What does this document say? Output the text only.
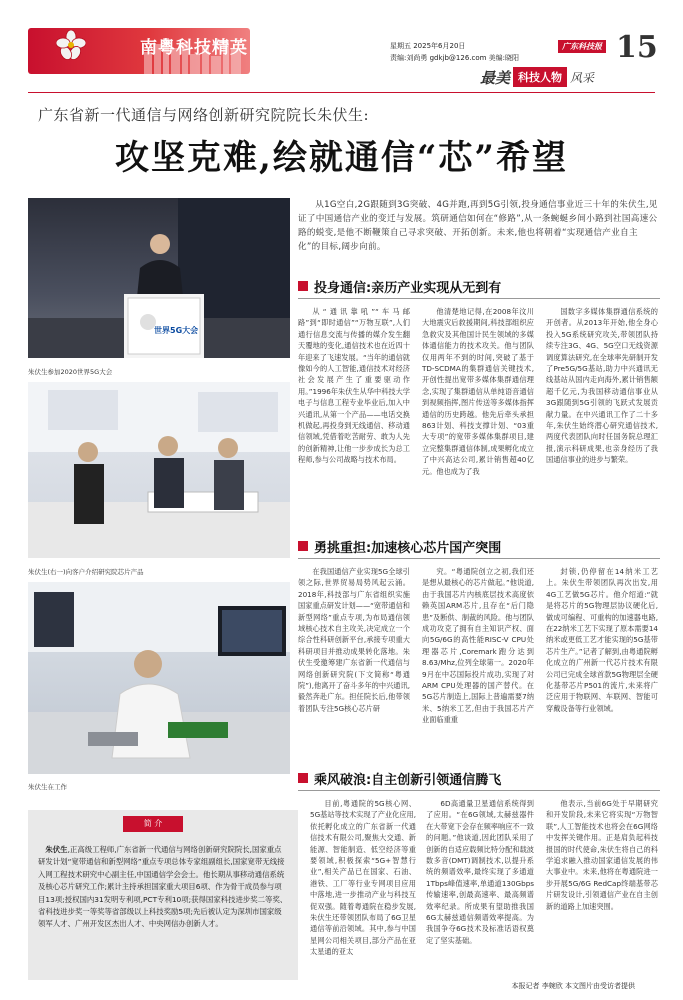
南粤科技精英	星期五 2025年6月20日
责编:刘尚勇 gdkjb@126.com 美编:晓阳
广东科技报 15
最美 科技人物 风采
广东省新一代通信与网络创新研究院院长朱伏生:
攻坚克难,绘就通信“芯”希望
从1G空白,2G跟随到3G突破、4G并跑,再到5G引领,投身通信事业近三十年的朱伏生,见证了中国通信产业的变迁与发展。筑研通信如何在“修路”,从一条蜿蜒乡间小路到社国高速公路的蜕变,是他不断鞭策自己寻求突破、开拓创新。未来,他也将朝着“实现通信产业自主化”的目标,阔步向前。
世界5G大会
朱伏生参加2020世界5G大会
朱伏生(右一)向客户介绍研究院芯片产品
朱伏生在工作
投身通信:亲历产业实现从无到有

从“通讯靠吼”“车马邮路”到“即时通信”“万物互联”,人们通行信息交流与传播的媒介发生翻天覆地的变化,通信技术也在近四十年迎来了飞速发展。“当年的通信就像如今的人工智能,通信技术对经济社会发展产生了重要驱动作用。”1996年朱伏生从华中科技大学电子与信息工程专业毕业后,加入中兴通讯,从第一个产品——电话交换机做起,再投身到无线通信、移动通信领域,凭借着吃苦耐劳、敢为人先的创新精神,让他一步步成长为总工程师,参与公司战略与技术布局。

他清楚地记得,在2008年汶川大地震灾后救援期间,科技部组织应急救灾及其他国计民生领域的多媒体通信能力的技术攻关。他与团队仅用两年不到的时间,突破了基于TD-SCDMA的集群通信关键技术,开创性提出宽带多媒体集群通信理念,实现了集群通信从单纯语音通信到视频指挥,图片传送等多媒体指挥通信的历史跨越。他先后牵头承担863计划、科技支撑计划、“03重大专项”的宽带多媒体集群项目,建立完整集群通信体制,成果孵化成立了中兴高达公司,累计销售超40亿元。他也成为了我

国数字多媒体集群通信系统的开创者。从2013年开始,他全身心投入5G系统研究攻关,带领团队持续专注3G、4G、5G空口无线资源调度算法研究,在全球率先研制开发了Pre5G/5G基站,助力中兴通讯无线基站从国内走向海外,累计销售额超千亿元,为我国移动通信事业从3G跟随到5G引领的飞跃式发展贡献力量。在中兴通讯工作了二十多年,朱伏生始终潜心研究通信技术,两度代表团队向时任国务院总理汇报,演示科研成果,也亲身经历了我国通信事业的进步与繁荣。

勇挑重担:加速核心芯片国产突围

在我国通信产业实现5G全球引领之际,世界贸易局势风起云涌。2018年,科技部与广东省组织实施国家重点研发计划——“宽带通信和新型网络”重点专项,为布局通信领域核心技术自主攻关,决定成立一个综合性科研创新平台,承接专项重大科研项目并推动成果转化落地。朱伏生受邀筹建广东省新一代通信与网络创新研究院(下文简称“粤通院”),他离开了奋斗多年的中兴通讯,毅然奔赴广东。担任院长后,他带领着团队专注5G核心芯片研

究。“粤通院创立之初,我们还是想从最核心的芯片做起。”他说道,由于我国芯片内核底层技术高度依赖英国ARM芯片,且存在“后门隐患”及断供、制裁的风险。他与团队成功攻克了拥有自主知识产权、面向5G/6G的高性能RISC-V CPU处理器芯片,Coremark跑分达到8.63/Mhz,位列全球第一。2020年9月在中芯国际投片成功,实现了对ARM CPU处理器的国产替代。在5G芯片制造上,国际上普遍需要7纳米、5纳米工艺,但由于我国芯片产业面临重重

封锁,仍停留在14纳米工艺上。朱伏生带领团队再次出发,用4G工艺做5G芯片。他介绍道:“就是将芯片的5G物理层协议硬化后,做成可编程、可重构的加速器电路,在22纳米工艺下实现了原本需要14纳米或更低工艺才能实现的5G基带芯片生产。”记者了解到,由粤通院孵化成立的广州新一代芯片技术有限公司已完成全球首款5G物理层全硬化基带芯片P501的流片,未来将广泛应用于物联网、车联网、智能可穿戴设备等行业领域。

乘风破浪:自主创新引领通信腾飞

目前,粤通院的5G核心网、5G基站等技术实现了产业化应用,依托孵化成立的广东省新一代通信技术有限公司,聚焦大交通、新能源、智能制造、低空经济等重要领域,积极探索“5G+智慧行业”,相关产品已在国家、石油、港铁、工厂等行业专网项目应用中落地,进一步推动产业与科技互促双强。随着粤通院在稳步发展,朱伏生还带领团队布局了6G卫星通信等前沿领域。其中,参与中国星网公司相关项目,部分产品在亚太星通的亚太

6D高通量卫星通信系统得到了应用。“在6G领域,太赫兹器件在大带宽下会存在频率响应不一致的问题。”他谈道,因此团队采用了创新的自适应载频比特分配和载波数多音(DMT)调制技术,以提升系统的频谱效率,最终实现了多通道1Tbps峰值速率,单通道130Gbps传输速率,创最高速率、最高频谱效率纪录。所成果有望助推我国6G太赫兹通信频谱效率提高。为我国争夺6G技术及标准话语权奠定了坚实基础。

他表示,当前6G处于早期研究和开发阶段,未来它将实现“万物智联”,人工智能技术也将会在6G网络中发挥关键作用。正是肩负起科技报国的时代使命,朱伏生将自己的科学追求融入推动国家通信发展的伟大事业中。未来,他将在粤通院进一步开展5G/6G RedCap终端基带芯片研发设计,引领通信产业在自主创新的道路上加速突围。

简 介
朱伏生,正高级工程师,广东省新一代通信与网络创新研究院院长,国家重点研发计划“宽带通信和新型网络”重点专项总体专家组副组长,国家宽带无线接入网工程技术研究中心副主任,中国通信学会会士。他长期从事移动通信系统及核心芯片研究工作;累计主持承担国家重大项目6项、作为骨干成员参与项目13项;授权国内31发明专利项,PCT专利10项;获得国家科技进步奖二等奖、省科技进步奖一等奖等省部级以上科技奖励5项;先后被认定为深圳市国家级领军人才、广州开发区杰出人才、中央网信办创新人才。
本报记者 李婉欣 本文图片由受访者提供
